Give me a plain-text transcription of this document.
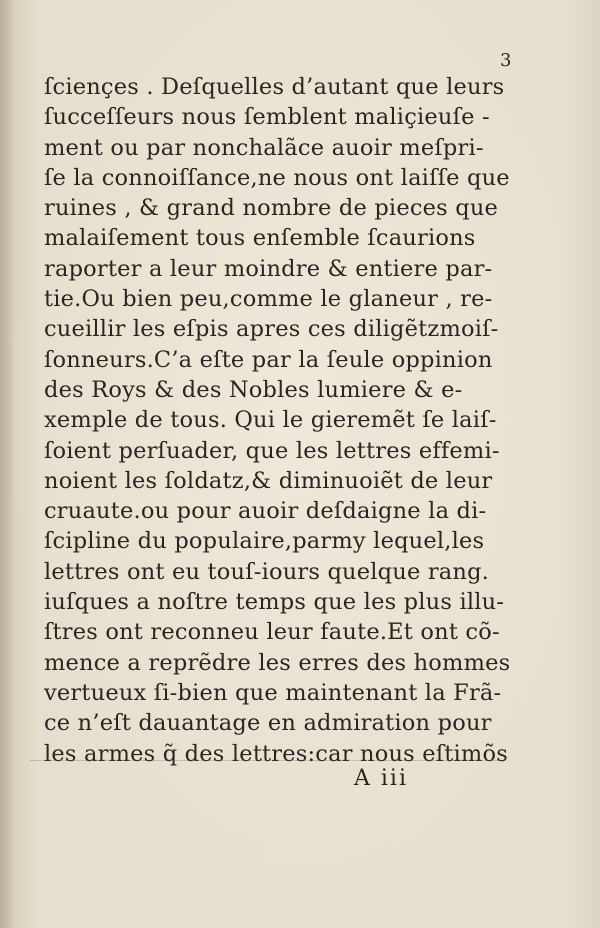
3
ſciençes . Deſquelles d’autant que leurs
ſucceſſeurs nous ſemblent maliçieuſe -
ment ou par nonchalãce auoir meſpri-
ſe la connoiſſance,ne nous ont laiſſe que
ruines , & grand nombre de pieces que
malaiſement tous enſemble ſcaurions
raporter a leur moindre & entiere par-
tie.Ou bien peu,comme le glaneur , re-
cueillir les eſpis apres ces diligẽtzmoiſ-
ſonneurs.C’a eſte par la ſeule oppinion
des Roys & des Nobles lumiere & e-
xemple de tous. Qui le gieremẽt ſe laiſ-
ſoient perſuader, que les lettres effemi-
noient les ſoldatz,& diminuoiẽt de leur
cruaute.ou pour auoir deſdaigne la di-
ſcipline du populaire,parmy lequel,les
lettres ont eu touſ-iours quelque rang.
iuſques a noſtre temps que les plus illu-
ſtres ont reconneu leur faute.Et ont cõ-
mence a reprẽdre les erres des hommes
vertueux ſi-bien que maintenant la Frã-
ce n’eſt dauantage en admiration pour
les armes q̃ des lettres:car nous eſtimõs
A iii
